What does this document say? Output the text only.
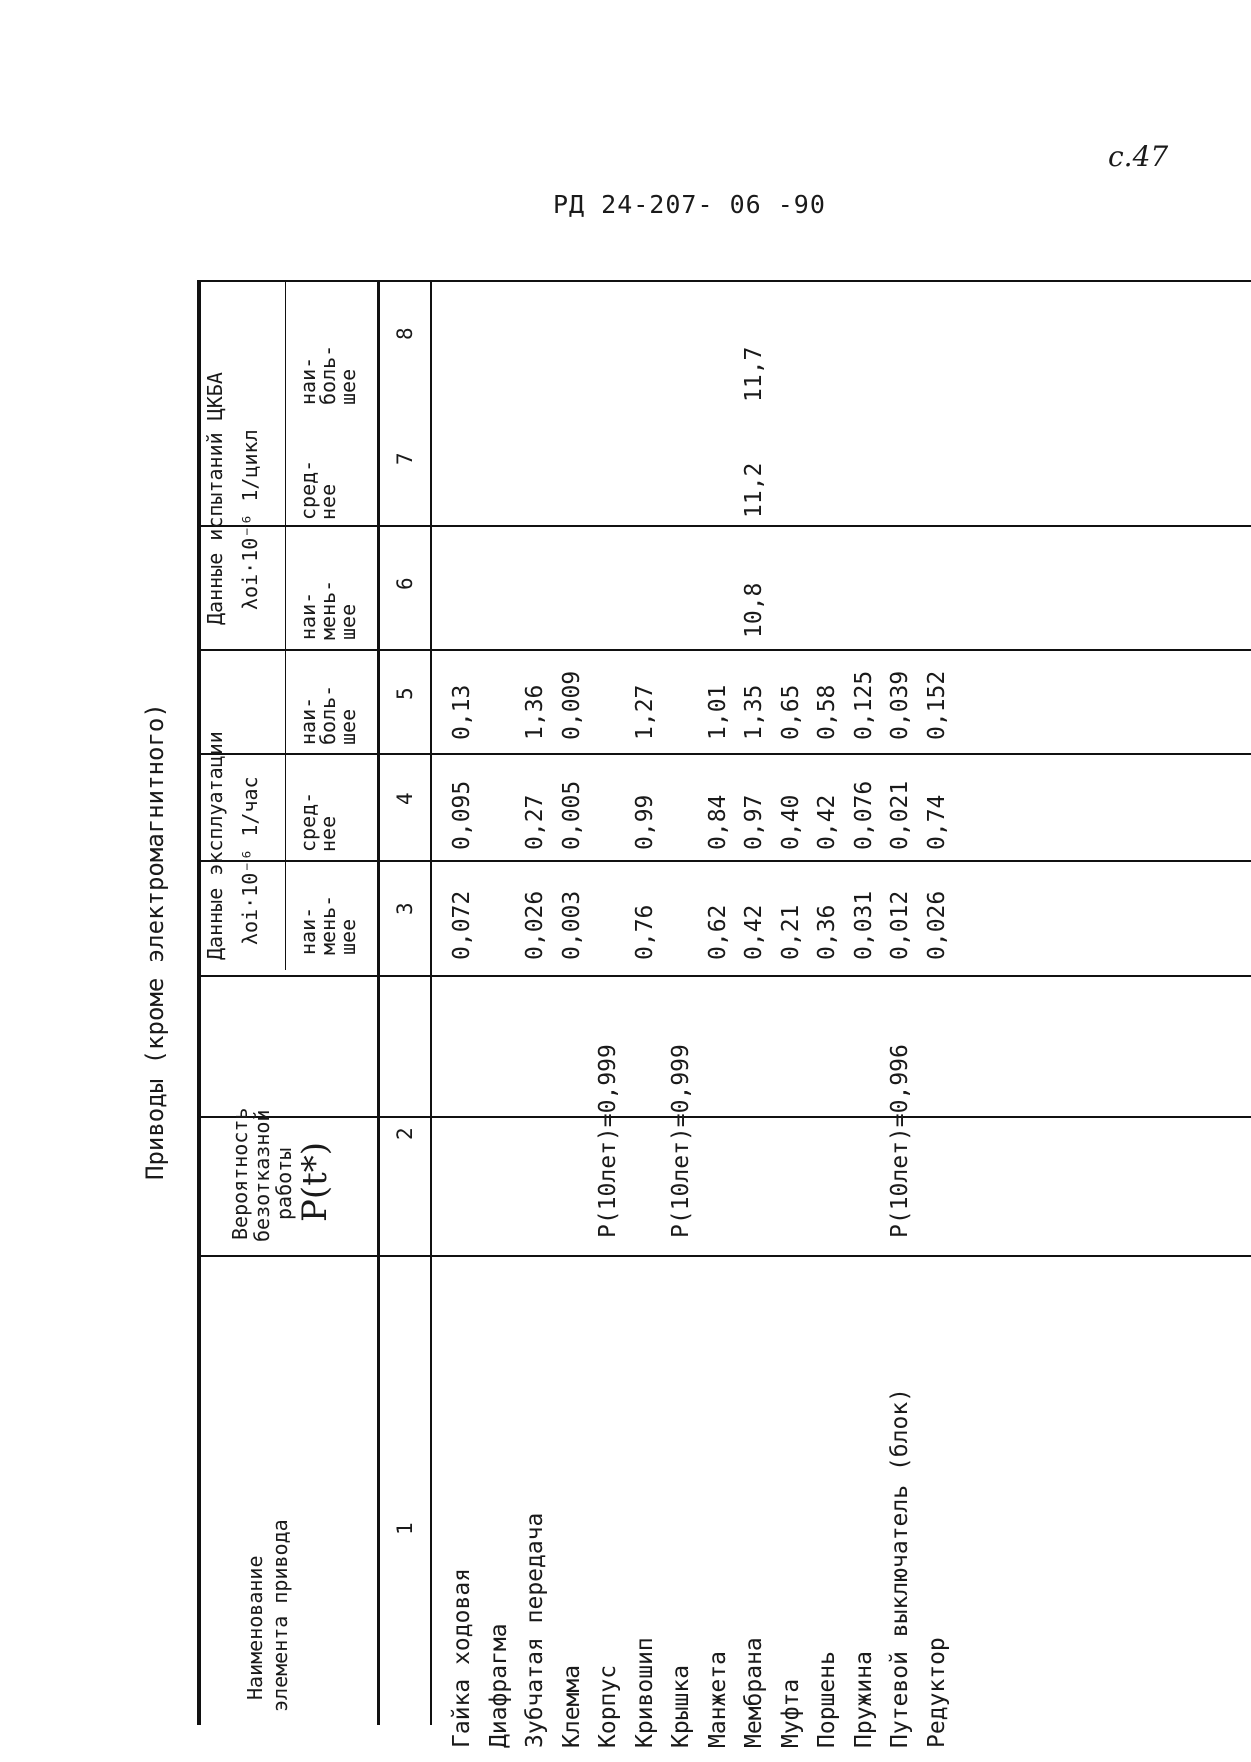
с.47
РД 24-207- 06 -90
Приводы (кроме электромагнитного)
Наименование элемента привода
Вероятность
безотказной
работы P(t*)
Данные эксплуатации λоi·10⁻⁶ 1/час
Данные испытаний ЦКБА λоi·10⁻⁶ 1/цикл
наи-
мень-
шее
сред-
нее
наи-
боль-
шее
наи-
мень-
шее
сред-
нее
наи-
боль-
шее
1
2
3
4
5
6
7
8
Гайка ходовая
0,072
0,095
0,13
Диафрагма Зубчатая передача
0,026
0,27
1,36
Клемма
0,003
0,005
0,009
Корпус
P(10лет)=0,999
Кривошип
0,76
0,99
1,27
Крышка
P(10лет)=0,999
Манжета
0,62
0,84
1,01
Мембрана
0,42
0,97
1,35
10,8
11,2
11,7
Муфта
0,21
0,40
0,65
Поршень
0,36
0,42
0,58
Пружина
0,031
0,076
0,125
Путевой выключатель (блок)
P(10лет)=0,996
0,012
0,021
0,039
Редуктор
0,026
0,74
0,152
